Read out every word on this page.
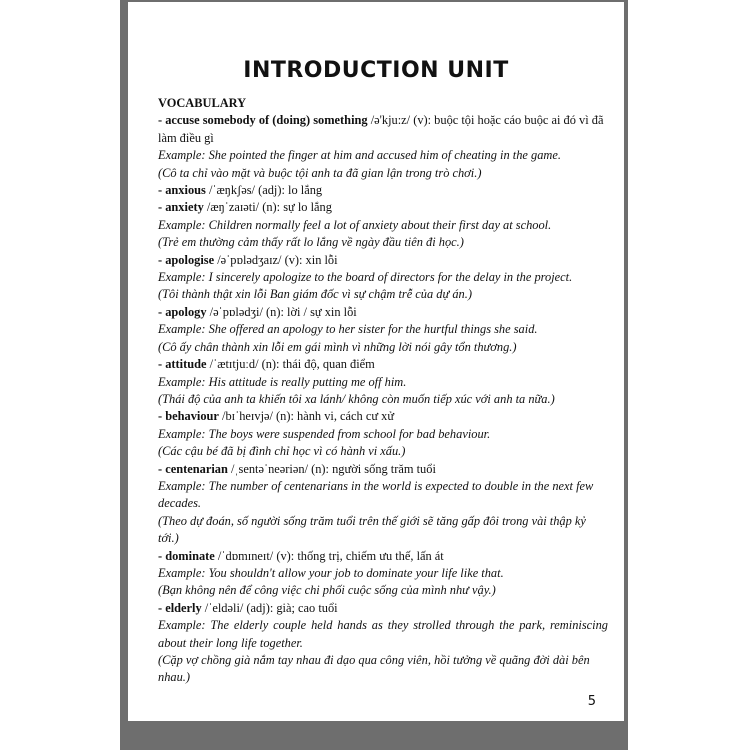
INTRODUCTION UNIT

VOCABULARY

- accuse somebody of (doing) something /ə'kju:z/ (v): buộc tội hoặc cáo buộc ai đó vì đã làm điều gì

Example: She pointed the finger at him and accused him of cheating in the game.

(Cô ta chỉ vào mặt và buộc tội anh ta đã gian lận trong trò chơi.)

- anxious /ˈæŋkʃəs/ (adj): lo lắng

- anxiety /æŋˈzaɪəti/ (n): sự lo lắng

Example: Children normally feel a lot of anxiety about their first day at school.

(Trẻ em thường cảm thấy rất lo lắng về ngày đầu tiên đi học.)

- apologise /əˈpɒlədʒaɪz/ (v): xin lỗi

Example: I sincerely apologize to the board of directors for the delay in the project.

(Tôi thành thật xin lỗi Ban giám đốc vì sự chậm trễ của dự án.)

- apology /əˈpɒlədʒi/ (n): lời / sự xin lỗi

Example: She offered an apology to her sister for the hurtful things she said.

(Cô ấy chân thành xin lỗi em gái mình vì những lời nói gây tổn thương.)

- attitude /ˈætɪtjuːd/ (n): thái độ, quan điểm

Example: His attitude is really putting me off him.

(Thái độ của anh ta khiến tôi xa lánh/ không còn muốn tiếp xúc với anh ta nữa.)

- behaviour /bɪˈheɪvjə/ (n): hành vi, cách cư xử

Example: The boys were suspended from school for bad behaviour.

(Các cậu bé đã bị đình chỉ học vì có hành vi xấu.)

- centenarian /ˌsentəˈneəriən/ (n): người sống trăm tuổi

Example: The number of centenarians in the world is expected to double in the next few decades.

(Theo dự đoán, số người sống trăm tuổi trên thế giới sẽ tăng gấp đôi trong vài thập kỷ tới.)

- dominate /ˈdɒmɪneɪt/ (v): thống trị, chiếm ưu thế, lấn át

Example: You shouldn't allow your job to dominate your life like that.

(Bạn không nên để công việc chi phối cuộc sống của mình như vậy.)

- elderly /ˈeldəli/ (adj): già; cao tuổi

Example: The elderly couple held hands as they strolled through the park, reminiscing about their long life together.

(Cặp vợ chồng già nắm tay nhau đi dạo qua công viên, hồi tưởng về quãng đời dài bên nhau.)

5
